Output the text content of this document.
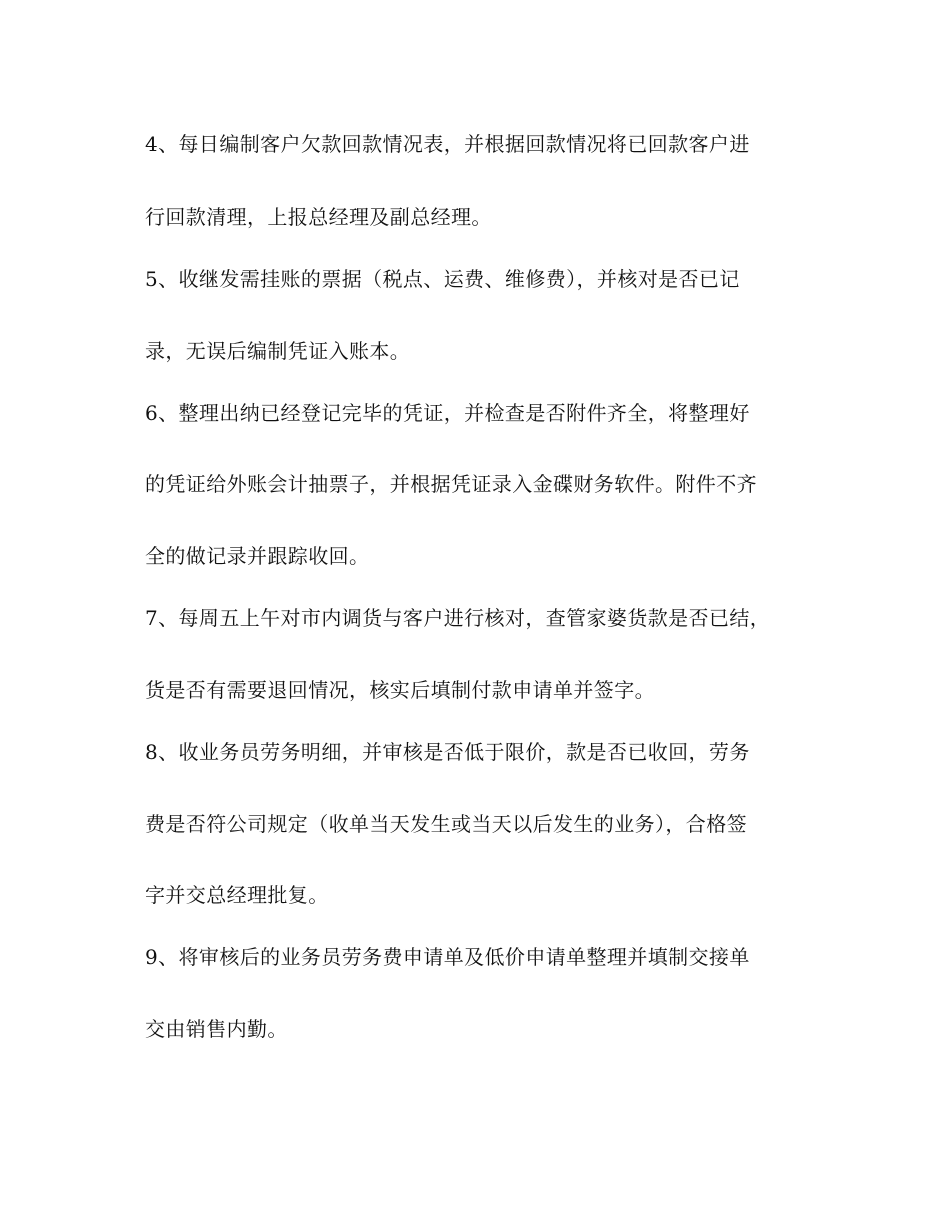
4、每日编制客户欠款回款情况表，并根据回款情况将已回款客户进
行回款清理，上报总经理及副总经理。
5、收继发需挂账的票据（税点、运费、维修费），并核对是否已记
录，无误后编制凭证入账本。
6、整理出纳已经登记完毕的凭证，并检查是否附件齐全，将整理好
的凭证给外账会计抽票子，并根据凭证录入金碟财务软件。附件不齐
全的做记录并跟踪收回。
7、每周五上午对市内调货与客户进行核对，查管家婆货款是否已结，
货是否有需要退回情况，核实后填制付款申请单并签字。
8、收业务员劳务明细，并审核是否低于限价，款是否已收回，劳务
费是否符公司规定（收单当天发生或当天以后发生的业务），合格签
字并交总经理批复。
9、将审核后的业务员劳务费申请单及低价申请单整理并填制交接单
交由销售内勤。
